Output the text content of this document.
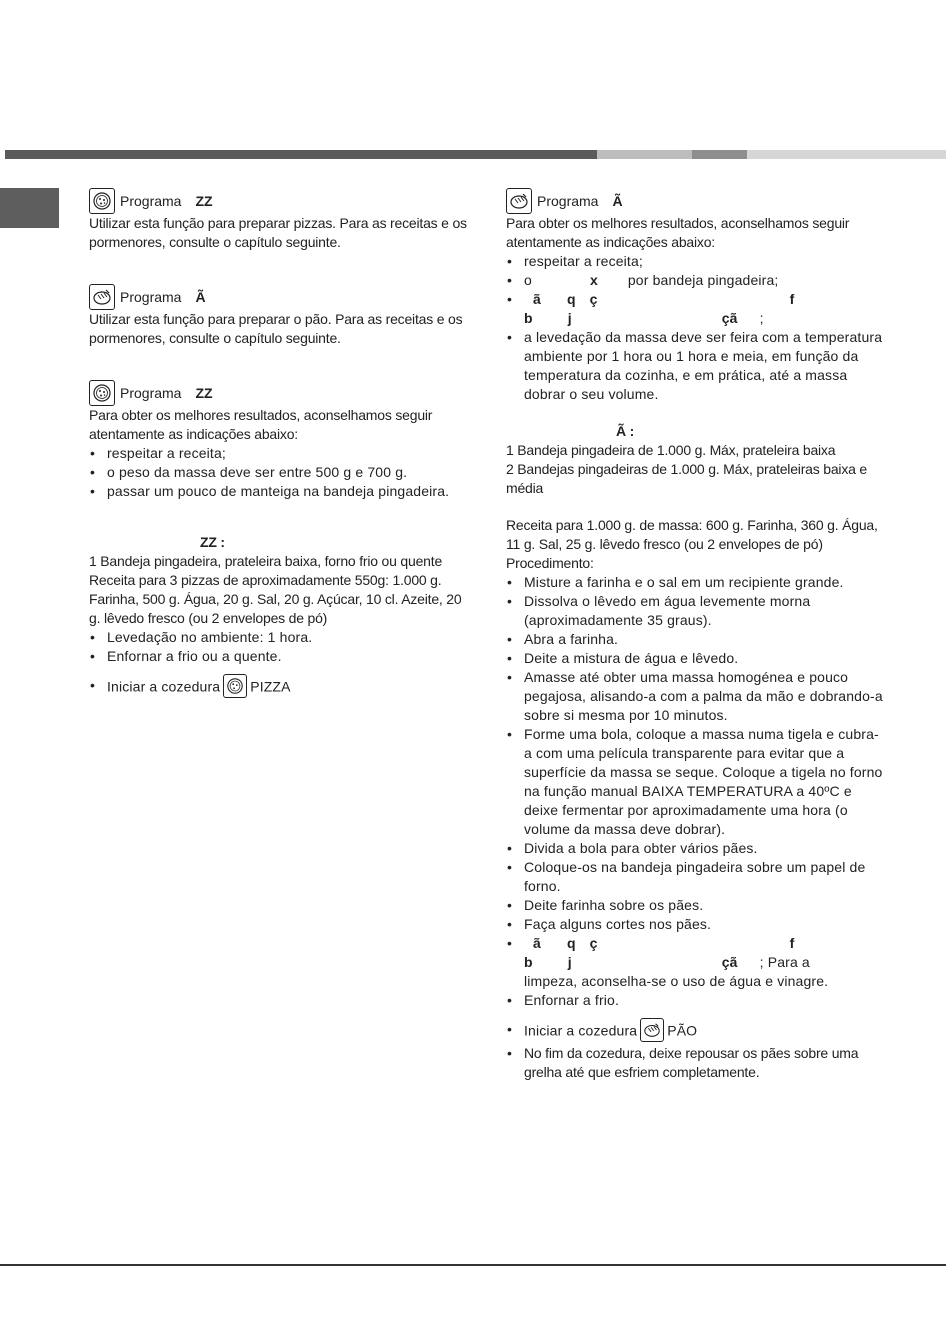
Programa ZZ

Utilizar esta função para preparar pizzas. Para as receitas e os pormenores, consulte o capítulo seguinte.

Programa Ã

Utilizar esta função para preparar o pão. Para as receitas e os pormenores, consulte o capítulo seguinte.

Programa ZZ

Para obter os melhores resultados, aconselhamos seguir atentamente as indicações abaixo:

• respeitar a receita;
• o peso da massa deve ser entre 500 g e 700 g.
• passar um pouco de manteiga na bandeja pingadeira.

ZZ :

1 Bandeja pingadeira, prateleira baixa, forno frio ou quente

Receita para 3 pizzas de aproximadamente 550g: 1.000 g. Farinha, 500 g. Água, 20 g. Sal, 20 g. Açúcar, 10 cl. Azeite, 20 g. lêvedo fresco (ou 2 envelopes de pó)

• Levedação no ambiente: 1 hora.
• Enfornar a frio ou a quente.
• Iniciar a cozedura PIZZA
Programa Ã

Para obter os melhores resultados, aconselhamos seguir atentamente as indicações abaixo:

• respeitar a receita;
• o	x por bandeja pingadeira;
• ã q ç	f
b	j	çã ;
• a levedação da massa deve ser feira com a temperatura ambiente por 1 hora ou 1 hora e meia, em função da temperatura da cozinha, e em prática, até a massa dobrar o seu volume.

Ã :

1 Bandeja pingadeira de 1.000 g. Máx, prateleira baixa

2 Bandejas pingadeiras de 1.000 g. Máx, prateleiras baixa e média

Receita para 1.000 g. de massa: 600 g. Farinha, 360 g. Água, 11 g. Sal, 25 g. lêvedo fresco (ou 2 envelopes de pó)

Procedimento:

• Misture a farinha e o sal em um recipiente grande.
• Dissolva o lêvedo em água levemente morna (aproximadamente 35 graus).
• Abra a farinha.
• Deite a mistura de água e lêvedo.
• Amasse até obter uma massa homogénea e pouco pegajosa, alisando-a com a palma da mão e dobrando-a sobre si mesma por 10 minutos.
• Forme uma bola, coloque a massa numa tigela e cubra-a com uma película transparente para evitar que a superfície da massa se seque. Coloque a tigela no forno na função manual BAIXA TEMPERATURA a 40ºC e deixe fermentar por aproximadamente uma hora (o volume da massa deve dobrar).
• Divida a bola para obter vários pães.
• Coloque-os na bandeja pingadeira sobre um papel de forno.
• Deite farinha sobre os pães.
• Faça alguns cortes nos pães.
• ã q ç	f
b	j	çã ; Para a
limpeza, aconselha-se o uso de água e vinagre.
• Enfornar a frio.
• Iniciar a cozedura PÃO
• No fim da cozedura, deixe repousar os pães sobre uma grelha até que esfriem completamente.
